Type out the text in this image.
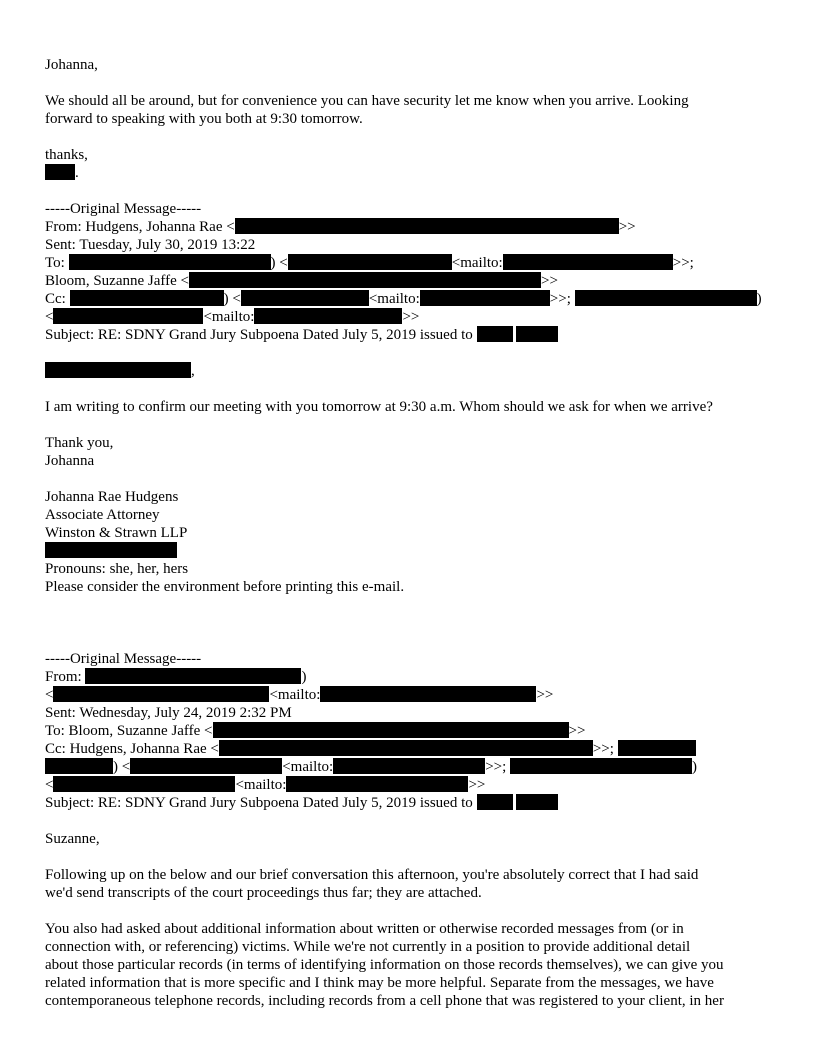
Johanna,
We should all be around, but for convenience you can have security let me know when you arrive. Looking
forward to speaking with you both at 9:30 tomorrow.
thanks,
.
-----Original Message-----
From: Hudgens, Johanna Rae <	>>
Sent: Tuesday, July 30, 2019 13:22
To:	) <	<mailto:	>>;
Bloom, Suzanne Jaffe <	>>
Cc:	) <	<mailto:	>>;	)
<	<mailto:	>>
Subject: RE: SDNY Grand Jury Subpoena Dated July 5, 2019 issued to
,
I am writing to confirm our meeting with you tomorrow at 9:30 a.m. Whom should we ask for when we arrive?
Thank you,
Johanna
Johanna Rae Hudgens
Associate Attorney
Winston & Strawn LLP
Pronouns: she, her, hers
Please consider the environment before printing this e-mail.
-----Original Message-----
From:	)
<	<mailto:	>>
Sent: Wednesday, July 24, 2019 2:32 PM
To: Bloom, Suzanne Jaffe <	>>
Cc: Hudgens, Johanna Rae <	>>;
) <	<mailto:	>>;	)
<	<mailto:	>>
Subject: RE: SDNY Grand Jury Subpoena Dated July 5, 2019 issued to
Suzanne,
Following up on the below and our brief conversation this afternoon, you're absolutely correct that I had said
we'd send transcripts of the court proceedings thus far; they are attached.
You also had asked about additional information about written or otherwise recorded messages from (or in
connection with, or referencing) victims. While we're not currently in a position to provide additional detail
about those particular records (in terms of identifying information on those records themselves), we can give you
related information that is more specific and I think may be more helpful. Separate from the messages, we have
contemporaneous telephone records, including records from a cell phone that was registered to your client, in her
